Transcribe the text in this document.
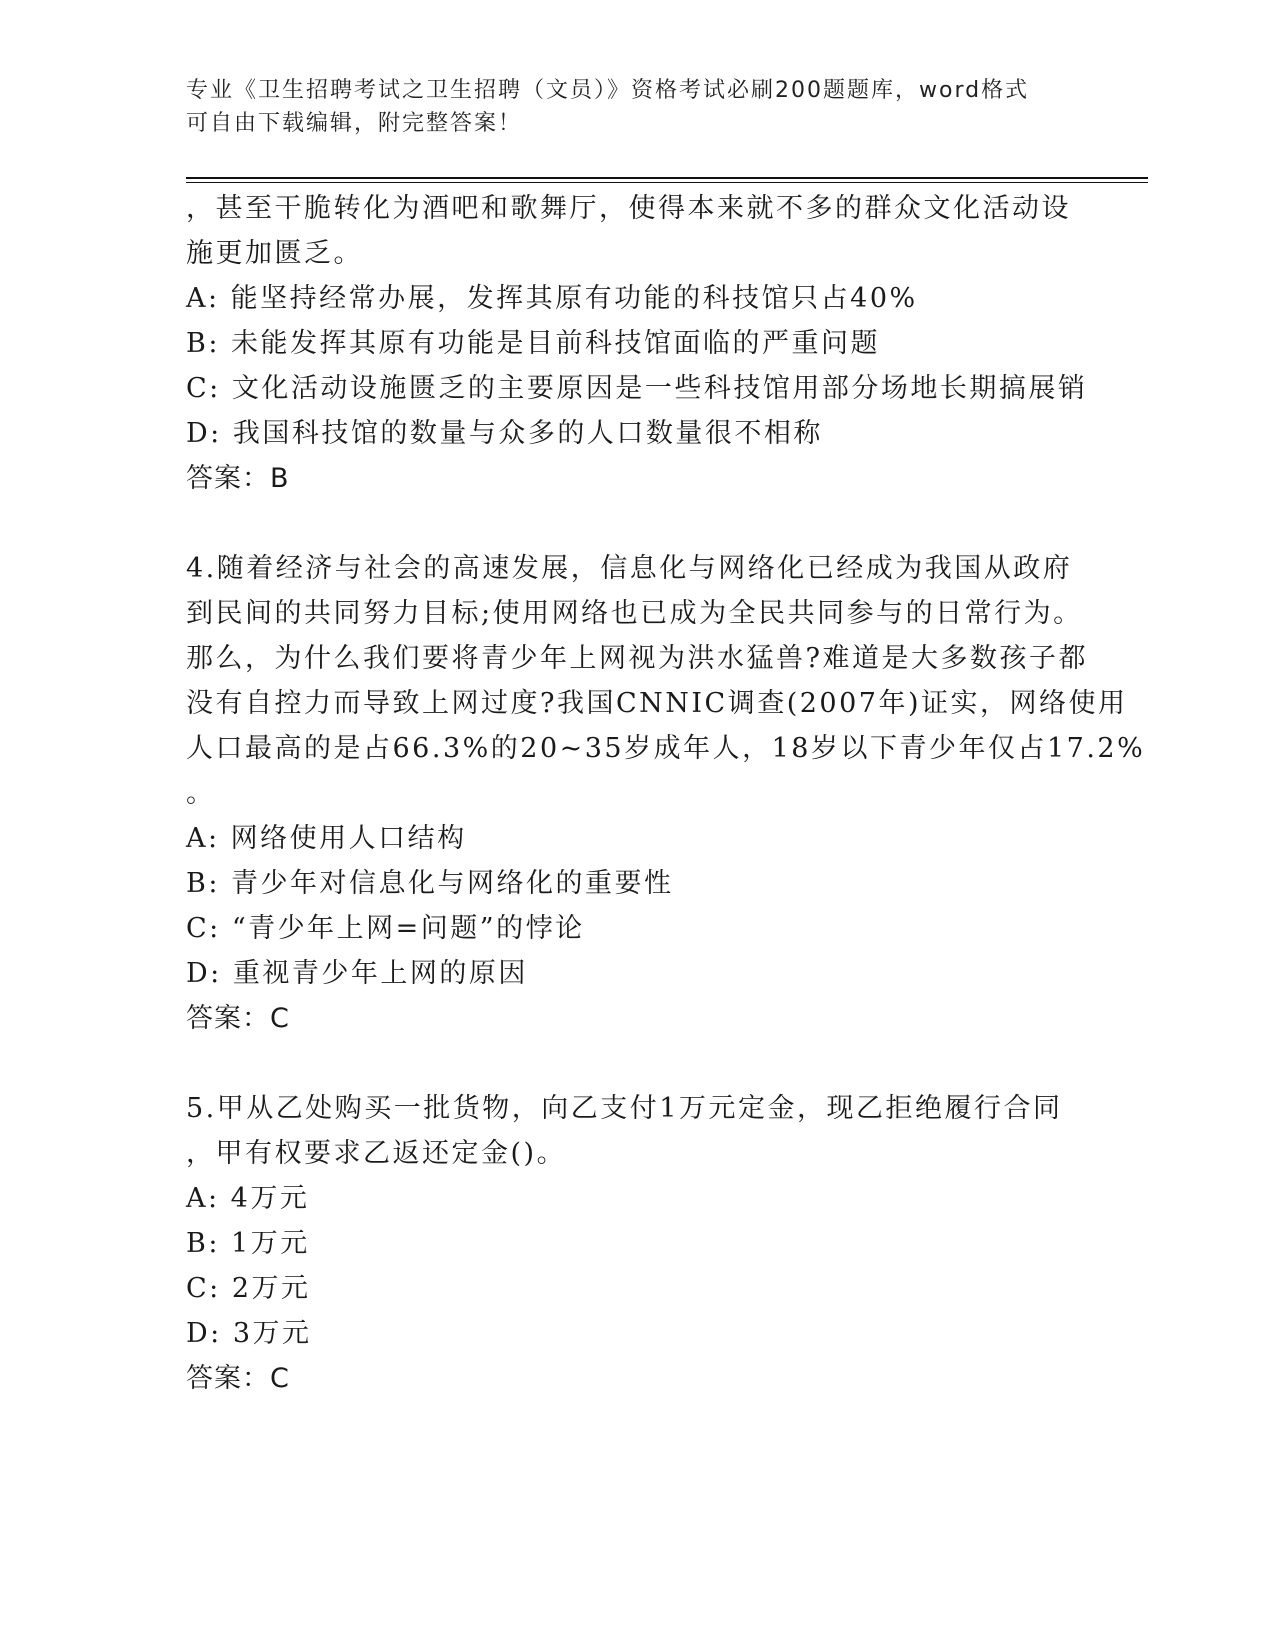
专业《卫生招聘考试之卫生招聘（文员）》资格考试必刷200题题库，word格式
可自由下载编辑，附完整答案！
，甚至干脆转化为酒吧和歌舞厅，使得本来就不多的群众文化活动设
施更加匮乏。
A: 能坚持经常办展，发挥其原有功能的科技馆只占40%
B: 未能发挥其原有功能是目前科技馆面临的严重问题
C: 文化活动设施匮乏的主要原因是一些科技馆用部分场地长期搞展销
D: 我国科技馆的数量与众多的人口数量很不相称
答案：B
4.随着经济与社会的高速发展，信息化与网络化已经成为我国从政府
到民间的共同努力目标;使用网络也已成为全民共同参与的日常行为。
那么，为什么我们要将青少年上网视为洪水猛兽?难道是大多数孩子都
没有自控力而导致上网过度?我国CNNIC调查(2007年)证实，网络使用
人口最高的是占66.3%的20~35岁成年人，18岁以下青少年仅占17.2%
。
A: 网络使用人口结构
B: 青少年对信息化与网络化的重要性
C: “青少年上网=问题”的悖论
D: 重视青少年上网的原因
答案：C
5.甲从乙处购买一批货物，向乙支付1万元定金，现乙拒绝履行合同
，甲有权要求乙返还定金()。
A: 4万元
B: 1万元
C: 2万元
D: 3万元
答案：C
